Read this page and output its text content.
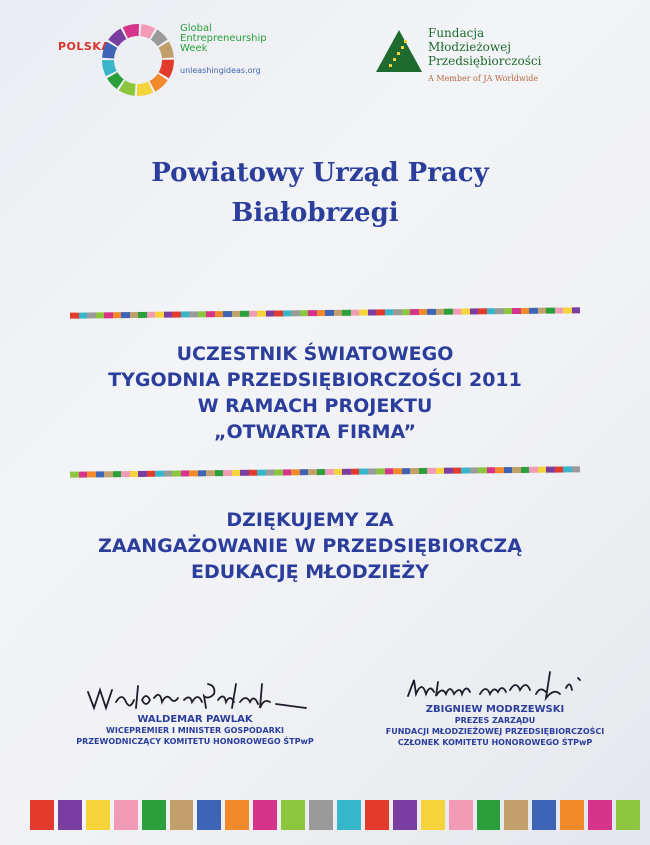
POLSKA
Global
Entrepreneurship
Week
unleashingideas.org
Fundacja
Młodzieżowej
Przedsiębiorczości
A Member of JA Worldwide
Powiatowy Urząd Pracy
Białobrzegi
UCZESTNIK ŚWIATOWEGO
TYGODNIA PRZEDSIĘBIORCZOŚCI 2011
W RAMACH PROJEKTU
„OTWARTA FIRMA”
DZIĘKUJEMY ZA
ZAANGAŻOWANIE W PRZEDSIĘBIORCZĄ
EDUKACJĘ MŁODZIEŻY
WALDEMAR PAWLAK
WICEPREMIER I MINISTER GOSPODARKI
PRZEWODNICZĄCY KOMITETU HONOROWEGO ŚTPwP
ZBIGNIEW MODRZEWSKI
PREZES ZARZĄDU
FUNDACJI MŁODZIEŻOWEJ PRZEDSIĘBIORCZOŚCI
CZŁONEK KOMITETU HONOROWEGO ŚTPwP
